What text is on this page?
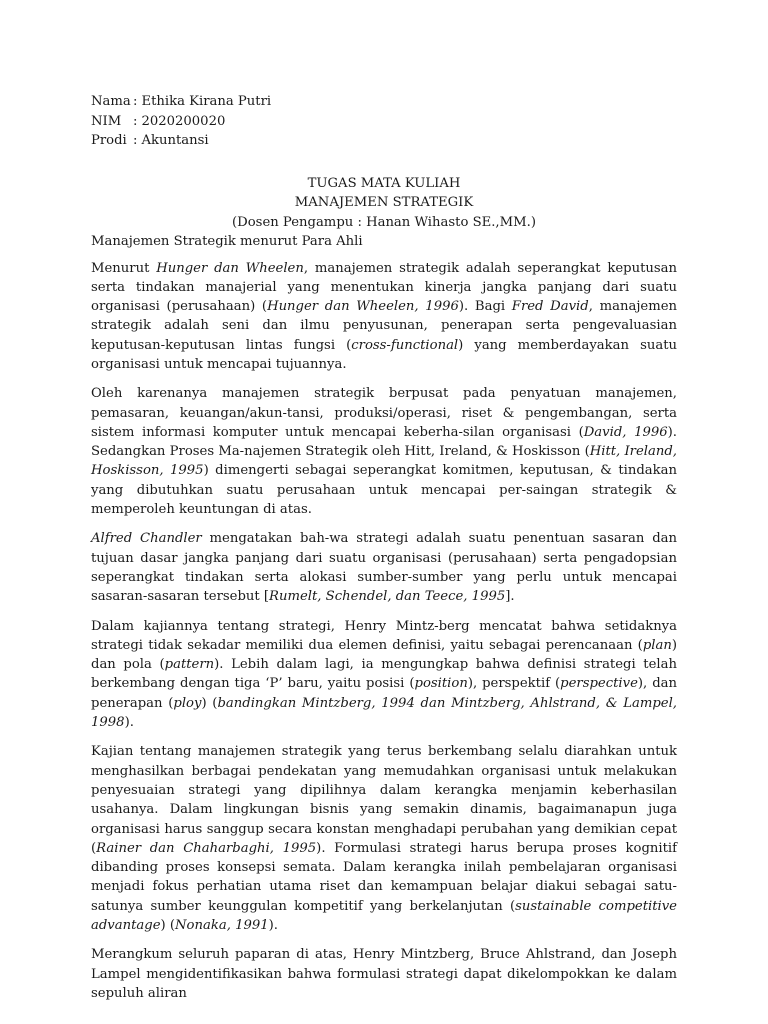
Nama : Ethika Kirana Putri
NIM : 2020200020
Prodi : Akuntansi
TUGAS MATA KULIAH
MANAJEMEN STRATEGIK
(Dosen Pengampu : Hanan Wihasto SE.,MM.)
Manajemen Strategik menurut Para Ahli

Menurut Hunger dan Wheelen, manajemen strategik adalah seperangkat keputusan serta tindakan manajerial yang menentukan kinerja jangka panjang dari suatu organisasi (perusahaan) (Hunger dan Wheelen, 1996). Bagi Fred David, manajemen strategik adalah seni dan ilmu penyusunan, penerapan serta pengevaluasian keputusan-keputusan lintas fungsi (cross-functional) yang memberdayakan suatu organisasi untuk mencapai tujuannya.

Oleh karenanya manajemen strategik berpusat pada penyatuan manajemen, pemasaran, keuangan/akun-tansi, produksi/operasi, riset & pengembangan, serta sistem informasi komputer untuk mencapai keberha-silan organisasi (David, 1996). Sedangkan Proses Ma-najemen Strategik oleh Hitt, Ireland, & Hoskisson (Hitt, Ireland, Hoskisson, 1995) dimengerti sebagai seperangkat komitmen, keputusan, & tindakan yang dibutuhkan suatu perusahaan untuk mencapai per-saingan strategik & memperoleh keuntungan di atas.

Alfred Chandler mengatakan bah-wa strategi adalah suatu penentuan sasaran dan tujuan dasar jangka panjang dari suatu organisasi (perusahaan) serta pengadopsian seperangkat tindakan serta alokasi sumber-sumber yang perlu untuk mencapai sasaran-sasaran tersebut [Rumelt, Schendel, dan Teece, 1995].

Dalam kajiannya tentang strategi, Henry Mintz-berg mencatat bahwa setidaknya strategi tidak sekadar memiliki dua elemen definisi, yaitu sebagai perencanaan (plan) dan pola (pattern). Lebih dalam lagi, ia mengungkap bahwa definisi strategi telah berkembang dengan tiga ‘P’ baru, yaitu posisi (position), perspektif (perspective), dan penerapan (ploy) (bandingkan Mintzberg, 1994 dan Mintzberg, Ahlstrand, & Lampel, 1998).

Kajian tentang manajemen strategik yang terus berkembang selalu diarahkan untuk menghasilkan berbagai pendekatan yang memudahkan organisasi untuk melakukan penyesuaian strategi yang dipilihnya dalam kerangka menjamin keberhasilan usahanya. Dalam lingkungan bisnis yang semakin dinamis, bagaimanapun juga organisasi harus sanggup secara konstan menghadapi perubahan yang demikian cepat (Rainer dan Chaharbaghi, 1995). Formulasi strategi harus berupa proses kognitif dibanding proses konsepsi semata. Dalam kerangka inilah pembelajaran organisasi menjadi fokus perhatian utama riset dan kemampuan belajar diakui sebagai satu-satunya sumber keunggulan kompetitif yang berkelanjutan (sustainable competitive advantage) (Nonaka, 1991).

Merangkum seluruh paparan di atas, Henry Mintzberg, Bruce Ahlstrand, dan Joseph Lampel mengidentifikasikan bahwa formulasi strategi dapat dikelompokkan ke dalam sepuluh aliran
